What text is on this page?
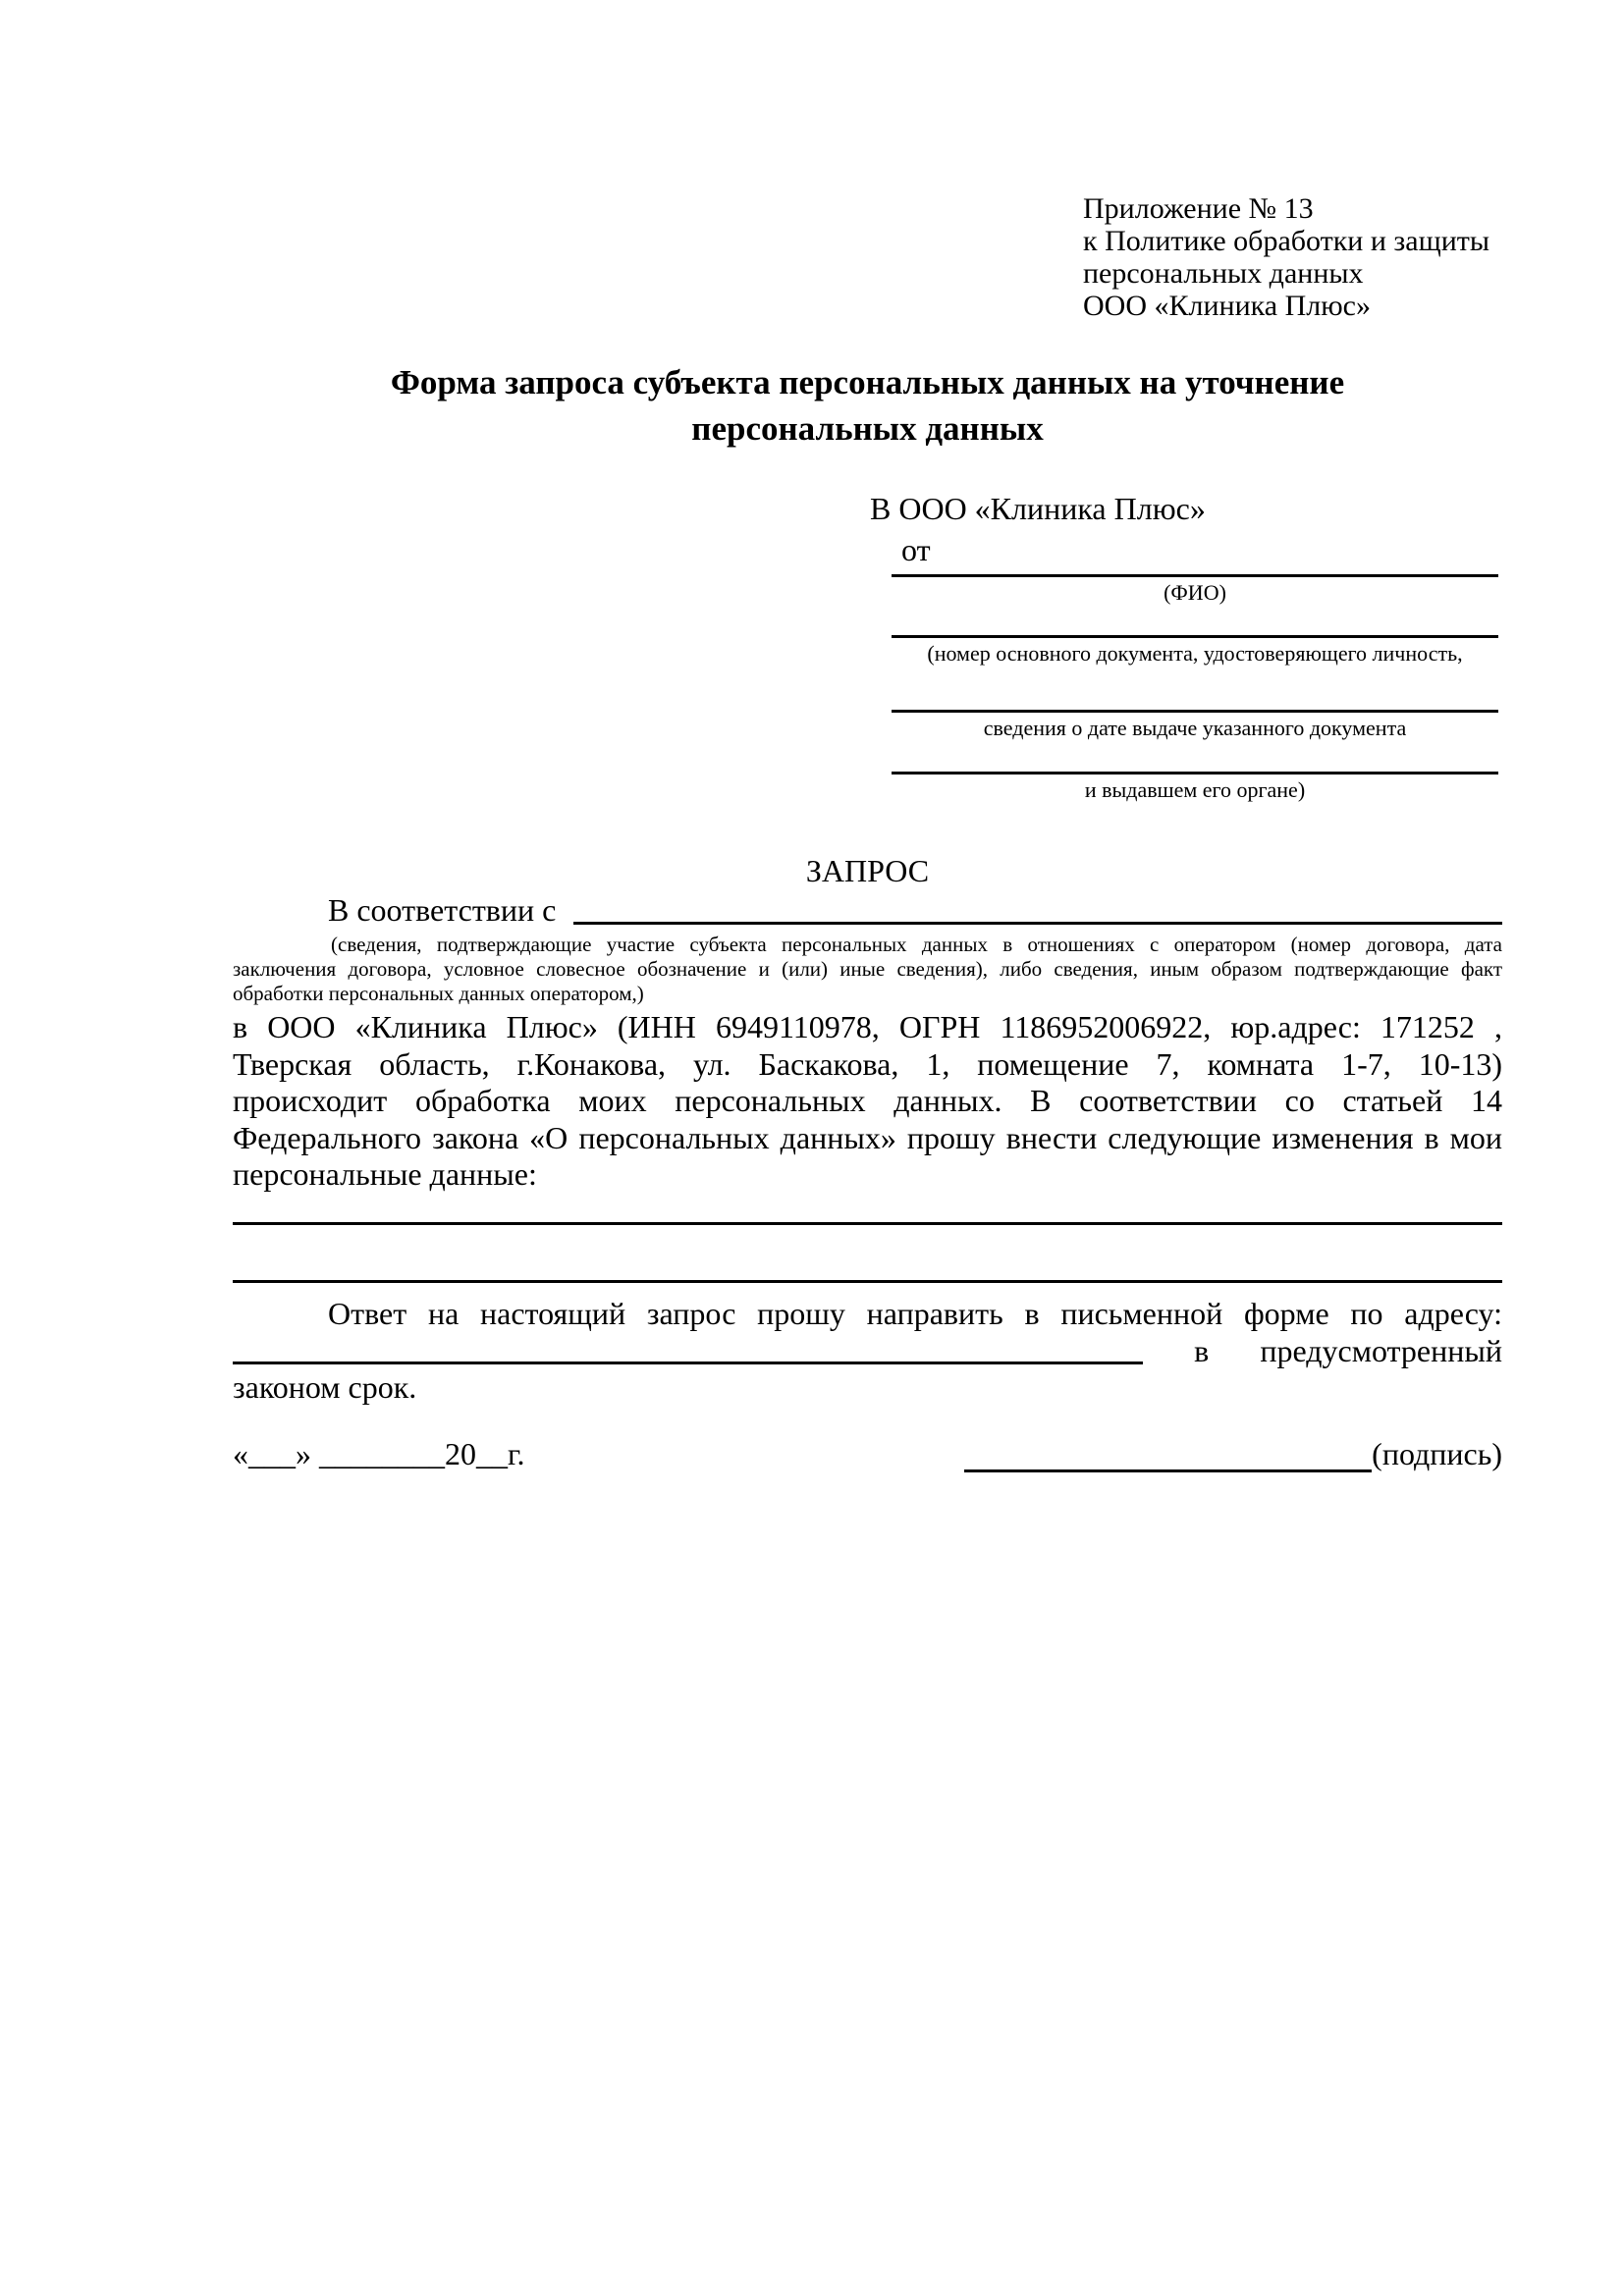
Приложение № 13
к Политике обработки и защиты
персональных данных
ООО «Клиника Плюс»
Форма запроса субъекта персональных данных на уточнение
персональных данных
В ООО «Клиника Плюс»
от
(ФИО)
(номер основного документа, удостоверяющего личность,
сведения о дате выдаче указанного документа
и выдавшем его органе)
ЗАПРОС
В соответствии с
(сведения, подтверждающие участие субъекта персональных данных в отношениях с оператором (номер договора, дата
заключения договора, условное словесное обозначение и (или) иные сведения), либо сведения, иным образом подтверждающие факт
обработки персональных данных оператором,)
в ООО «Клиника Плюс» (ИНН 6949110978, ОГРН 1186952006922, юр.адрес: 171252 ,
Тверская область, г.Конакова, ул. Баскакова, 1, помещение 7, комната 1-7, 10-13)
происходит обработка моих персональных данных. В соответствии со статьей 14
Федерального закона «О персональных данных» прошу внести следующие изменения в мои
персональные данные:
Ответ на настоящий запрос прошу направить в письменной форме по адресу:
в предусмотренный
законом срок.
«___» ________20__г.	(подпись)
